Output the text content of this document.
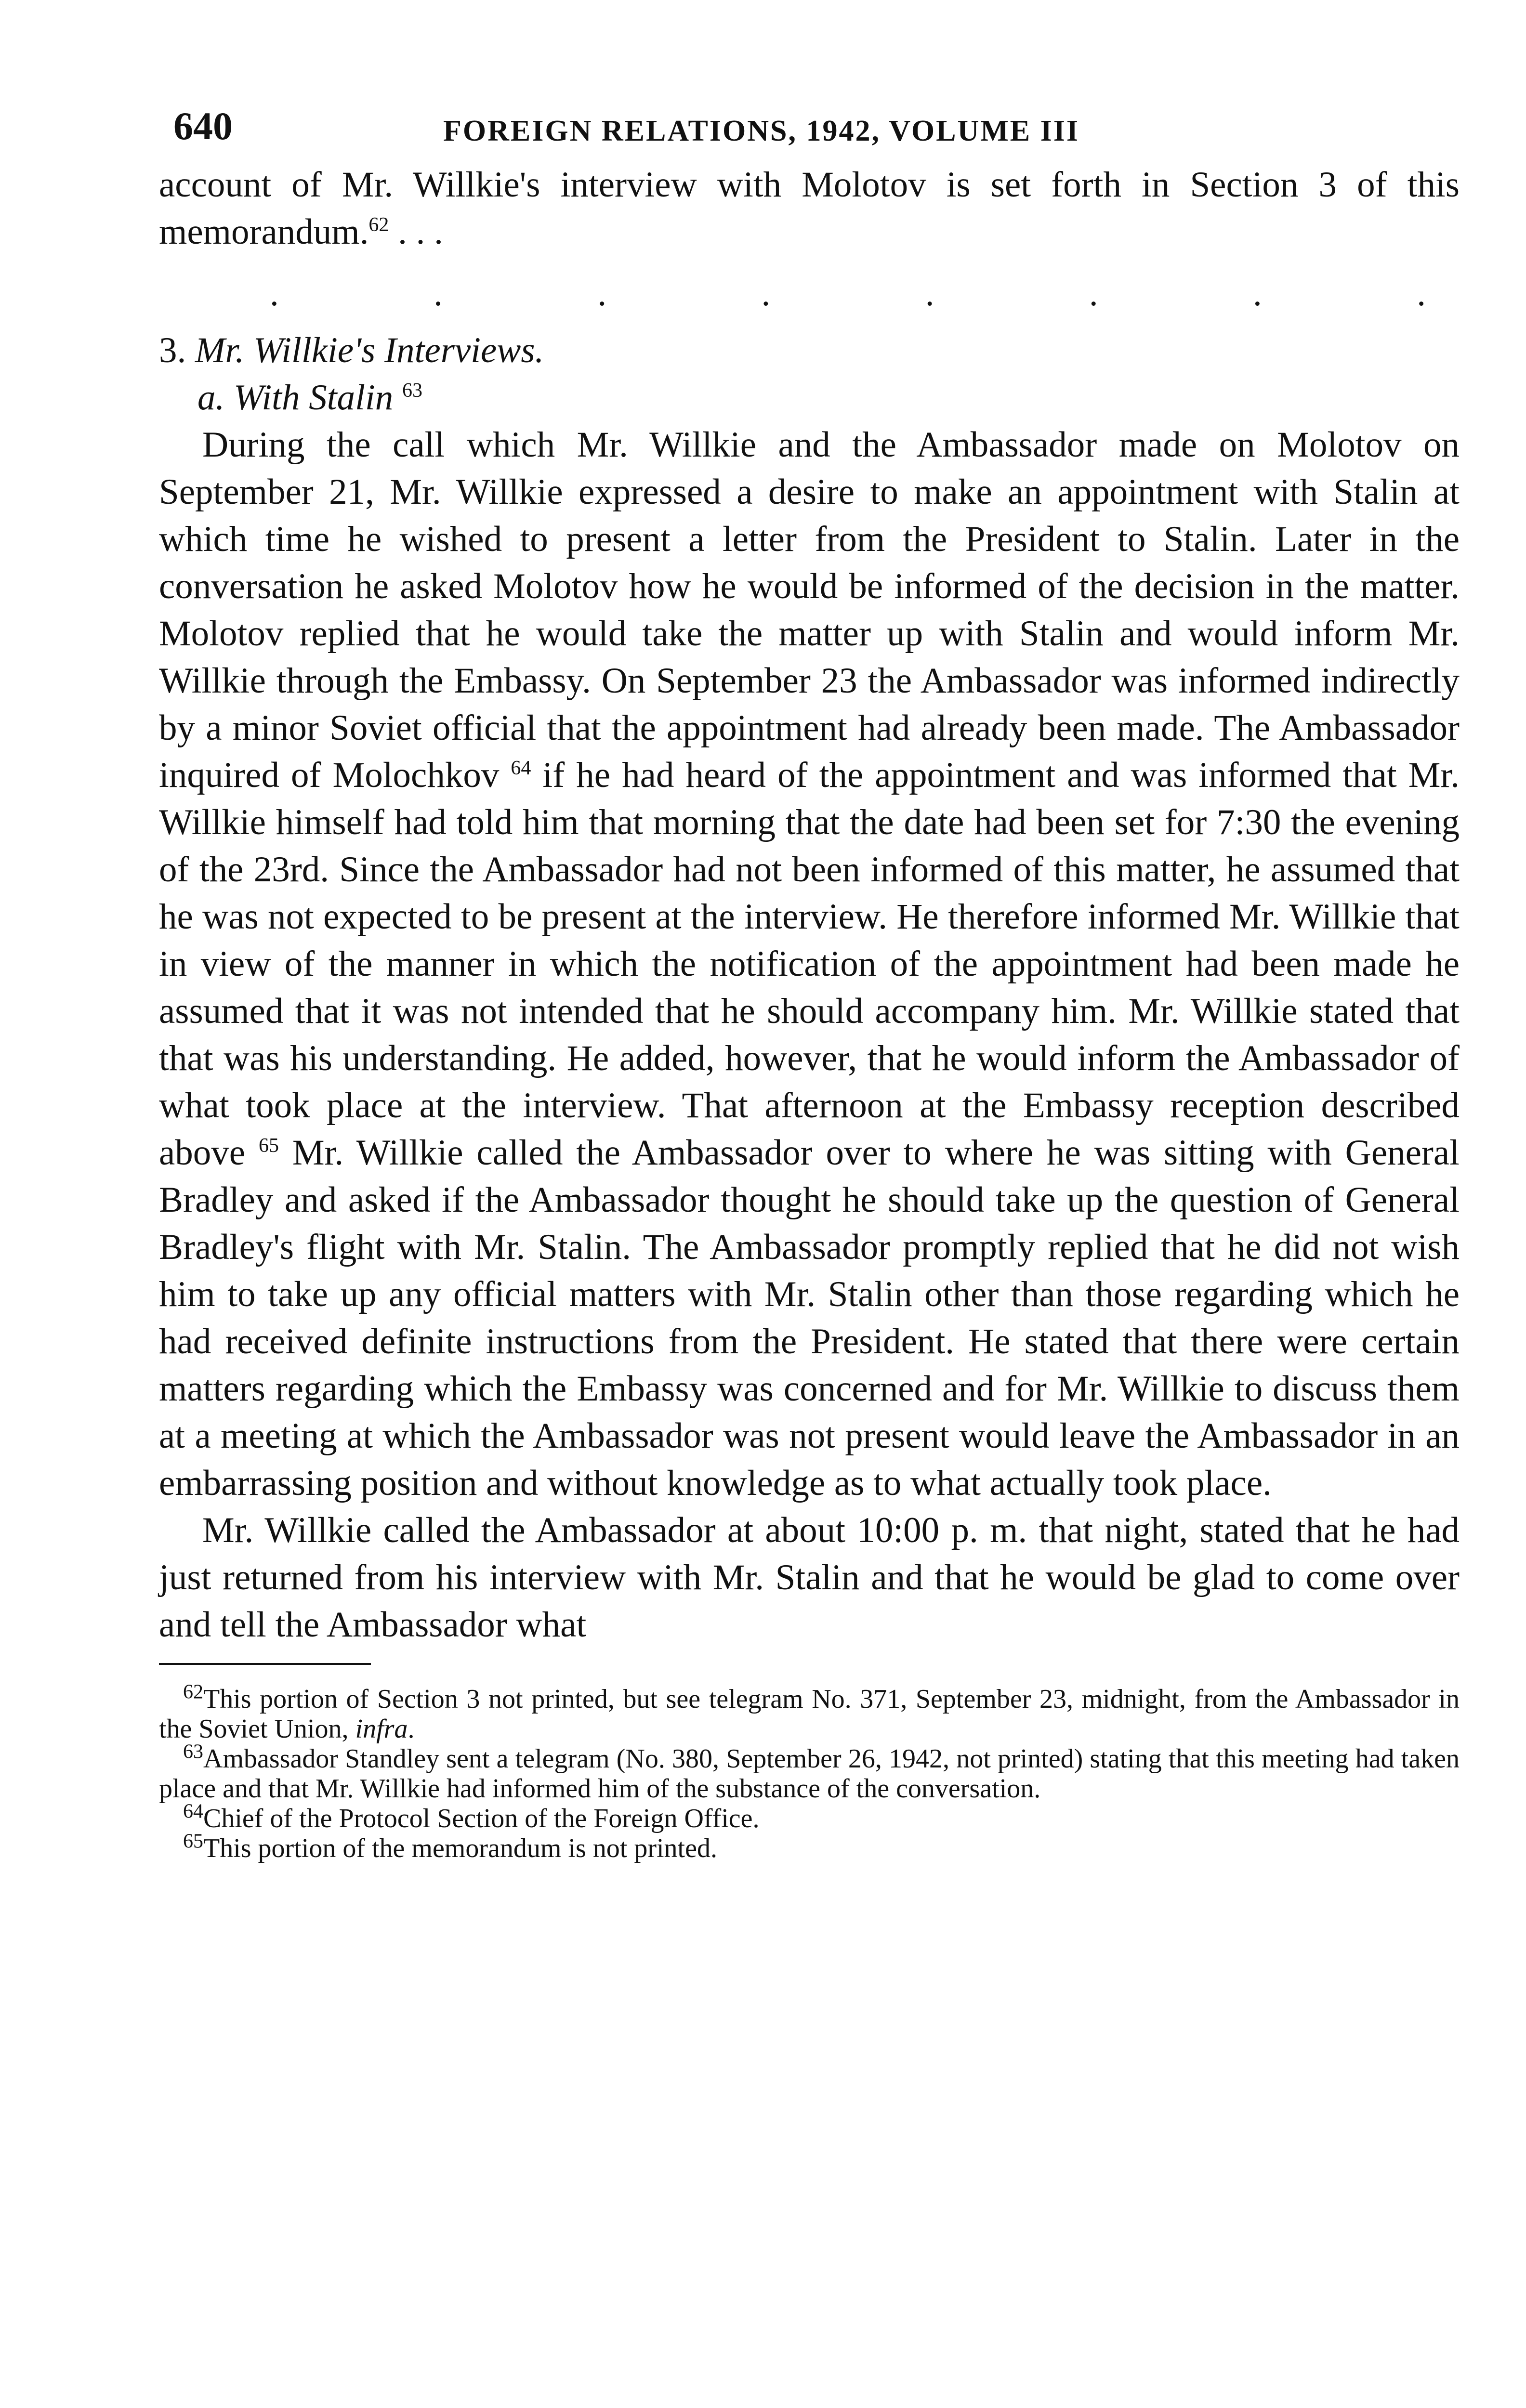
640	FOREIGN RELATIONS, 1942, VOLUME III

account of Mr. Willkie's interview with Molotov is set forth in Section 3 of this memorandum.$^{62}$ . . .

.	.	.	.	.	.	.	.

3. Mr. Willkie's Interviews.

a. With Stalin $^{63}$

During the call which Mr. Willkie and the Ambassador made on Molotov on September 21, Mr. Willkie expressed a desire to make an appointment with Stalin at which time he wished to present a letter from the President to Stalin. Later in the conversation he asked Molotov how he would be informed of the decision in the matter. Molotov replied that he would take the matter up with Stalin and would inform Mr. Willkie through the Embassy. On September 23 the Ambassador was informed indirectly by a minor Soviet official that the appointment had already been made. The Ambassador inquired of Molochkov $^{64}$ if he had heard of the appointment and was informed that Mr. Willkie himself had told him that morning that the date had been set for 7:30 the evening of the 23rd. Since the Ambassador had not been informed of this matter, he assumed that he was not expected to be present at the interview. He therefore informed Mr. Willkie that in view of the manner in which the notification of the appointment had been made he assumed that it was not intended that he should accompany him. Mr. Willkie stated that that was his understanding. He added, however, that he would inform the Ambassador of what took place at the interview. That afternoon at the Embassy reception described above $^{65}$ Mr. Willkie called the Ambassador over to where he was sitting with General Bradley and asked if the Ambassador thought he should take up the question of General Bradley's flight with Mr. Stalin. The Ambassador promptly replied that he did not wish him to take up any official matters with Mr. Stalin other than those regarding which he had received definite instructions from the President. He stated that there were certain matters regarding which the Embassy was concerned and for Mr. Willkie to discuss them at a meeting at which the Ambassador was not present would leave the Ambassador in an embarrassing position and without knowledge as to what actually took place.

Mr. Willkie called the Ambassador at about 10:00 p. m. that night, stated that he had just returned from his interview with Mr. Stalin and that he would be glad to come over and tell the Ambassador what

$^{62}$This portion of Section 3 not printed, but see telegram No. 371, September 23, midnight, from the Ambassador in the Soviet Union, infra.

$^{63}$Ambassador Standley sent a telegram (No. 380, September 26, 1942, not printed) stating that this meeting had taken place and that Mr. Willkie had informed him of the substance of the conversation.

$^{64}$Chief of the Protocol Section of the Foreign Office.

$^{65}$This portion of the memorandum is not printed.
